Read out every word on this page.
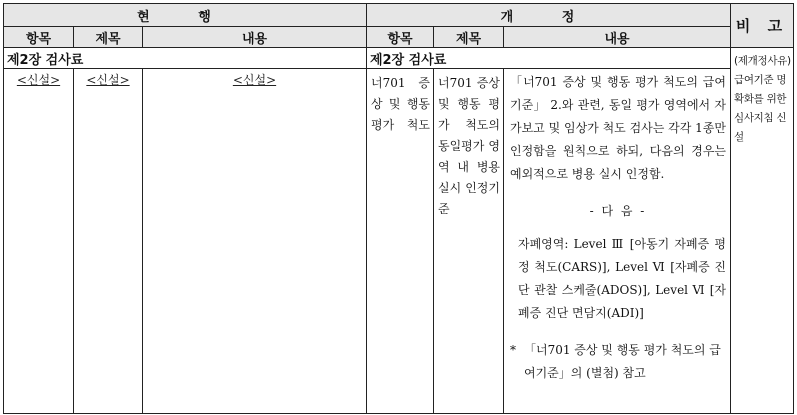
현 행			개 정			비 고
항목	제목	내용	항목	제목	내용	
제2장 검사료			제2장 검사료			(제개정사유) 급여기준 명확화를 위한 심사지침 신설
<신설>	<신설>	<신설>	너701 증상 및 행동 평가 척도	너701 증상 및 행동 평가 척도의 동일평가 영역 내 병용 실시 인정기준	「너701 증상 및 행동 평가 척도의 급여기준」 2.와 관련, 동일 평가 영역에서 자가보고 및 임상가 척도 검사는 각각 1종만 인정함을 원칙으로 하되, 다음의 경우는 예외적으로 병용 실시 인정함.
- 다 음 -
자폐영역: Level Ⅲ [아동기 자폐증 평정 척도(CARS)], Level Ⅵ [자폐증 진단 관찰 스케줄(ADOS)], Level Ⅵ [자폐증 진단 면담지(ADI)]
* 「너701 증상 및 행동 평가 척도의 급여기준」의 (별첨) 참고	
